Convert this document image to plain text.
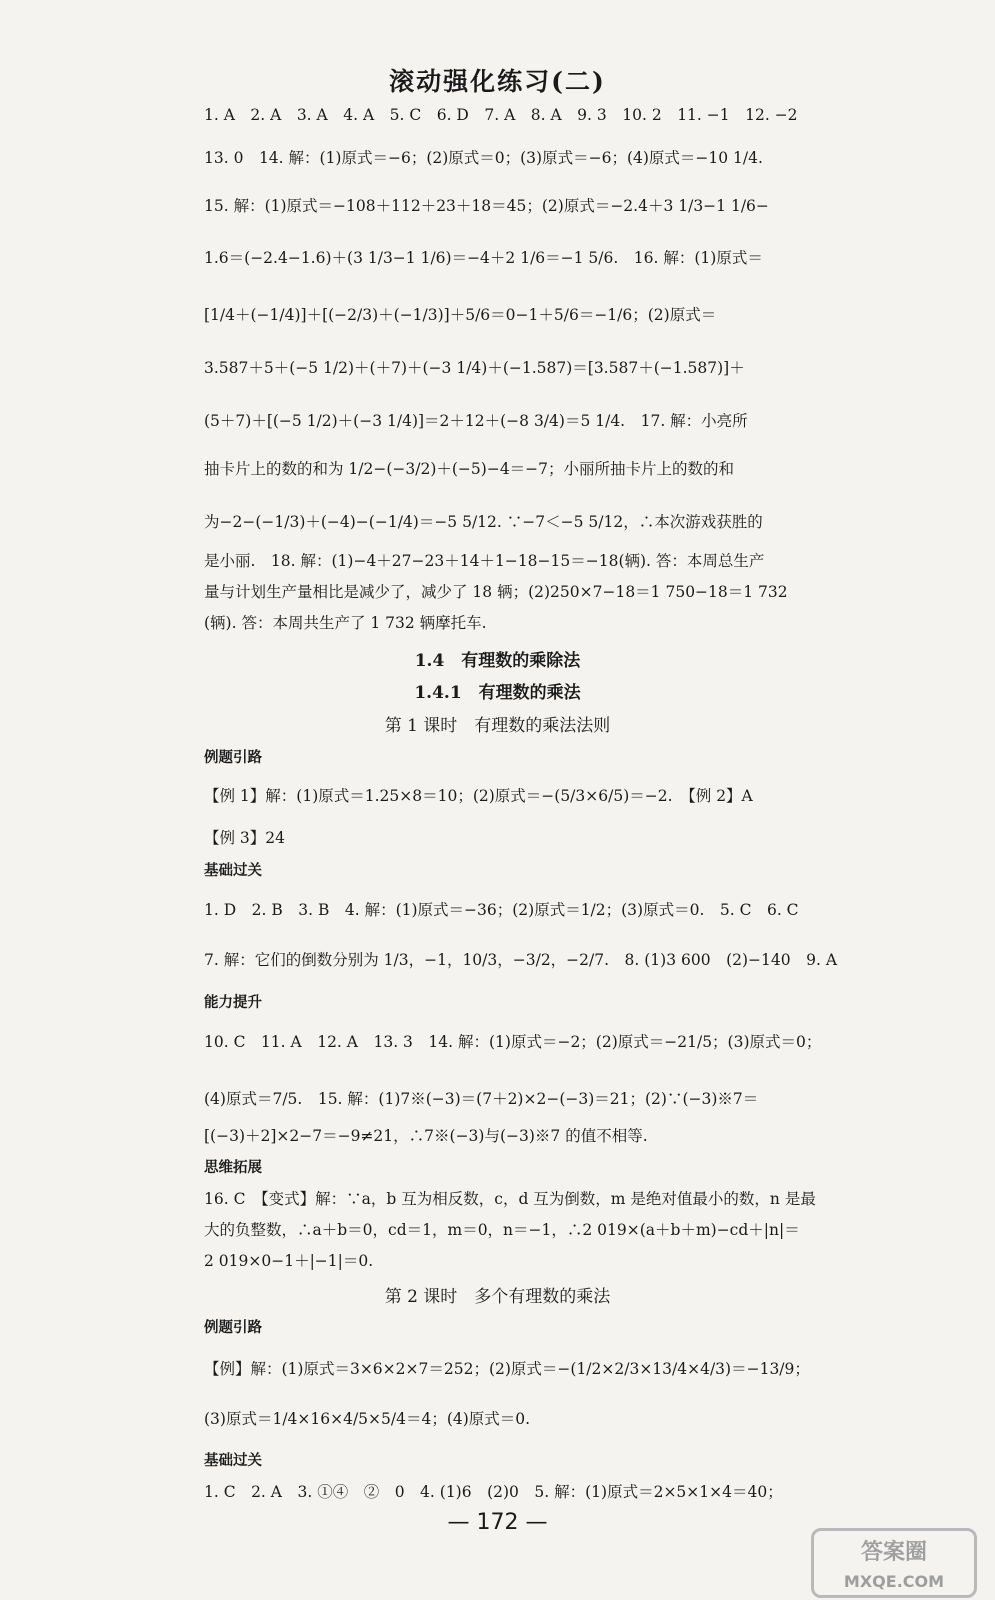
滚动强化练习(二)
1. A　2. A　3. A　4. A　5. C　6. D　7. A　8. A　9. 3　10. 2　11. −1　12. −2
13. 0　14. 解：(1)原式＝−6；(2)原式＝0；(3)原式＝−6；(4)原式＝−10 1/4.
15. 解：(1)原式＝−108＋112＋23＋18＝45；(2)原式＝−2.4＋3 1/3−1 1/6−
1.6＝(−2.4−1.6)＋(3 1/3−1 1/6)＝−4＋2 1/6＝−1 5/6.　16. 解：(1)原式＝
[1/4＋(−1/4)]＋[(−2/3)＋(−1/3)]＋5/6＝0−1＋5/6＝−1/6；(2)原式＝
3.587＋5＋(−5 1/2)＋(＋7)＋(−3 1/4)＋(−1.587)＝[3.587＋(−1.587)]＋
(5＋7)＋[(−5 1/2)＋(−3 1/4)]＝2＋12＋(−8 3/4)＝5 1/4.　17. 解：小亮所
抽卡片上的数的和为 1/2−(−3/2)＋(−5)−4＝−7；小丽所抽卡片上的数的和
为−2−(−1/3)＋(−4)−(−1/4)＝−5 5/12. ∵−7＜−5 5/12，∴本次游戏获胜的
是小丽.　18. 解：(1)−4＋27−23＋14＋1−18−15＝−18(辆). 答：本周总生产
量与计划生产量相比是减少了，减少了 18 辆；(2)250×7−18＝1 750−18＝1 732
(辆). 答：本周共生产了 1 732 辆摩托车.
1.4　有理数的乘除法
1.4.1　有理数的乘法
第 1 课时　有理数的乘法法则
例题引路
【例 1】解：(1)原式＝1.25×8＝10；(2)原式＝−(5/3×6/5)＝−2.　【例 2】A
【例 3】24
基础过关
1. D　2. B　3. B　4. 解：(1)原式＝−36；(2)原式＝1/2；(3)原式＝0.　5. C　6. C
7. 解：它们的倒数分别为 1/3，−1，10/3，−3/2，−2/7.　8. (1)3 600　(2)−140　9. A
能力提升
10. C　11. A　12. A　13. 3　14. 解：(1)原式＝−2；(2)原式＝−21/5；(3)原式＝0；
(4)原式＝7/5.　15. 解：(1)7※(−3)＝(7＋2)×2−(−3)＝21；(2)∵(−3)※7＝
[(−3)＋2]×2−7＝−9≠21，∴7※(−3)与(−3)※7 的值不相等.
思维拓展
16. C　【变式】解：∵a，b 互为相反数，c，d 互为倒数，m 是绝对值最小的数，n 是最
大的负整数，∴a＋b＝0，cd＝1，m＝0，n＝−1，∴2 019×(a＋b＋m)−cd＋|n|＝
2 019×0−1＋|−1|＝0.
第 2 课时　多个有理数的乘法
例题引路
【例】解：(1)原式＝3×6×2×7＝252；(2)原式＝−(1/2×2/3×13/4×4/3)＝−13/9；
(3)原式＝1/4×16×4/5×5/4＝4；(4)原式＝0.
基础过关
1. C　2. A　3. ①④　②　0　4. (1)6　(2)0　5. 解：(1)原式＝2×5×1×4＝40；
— 172 —
答案圈
MXQE.COM
